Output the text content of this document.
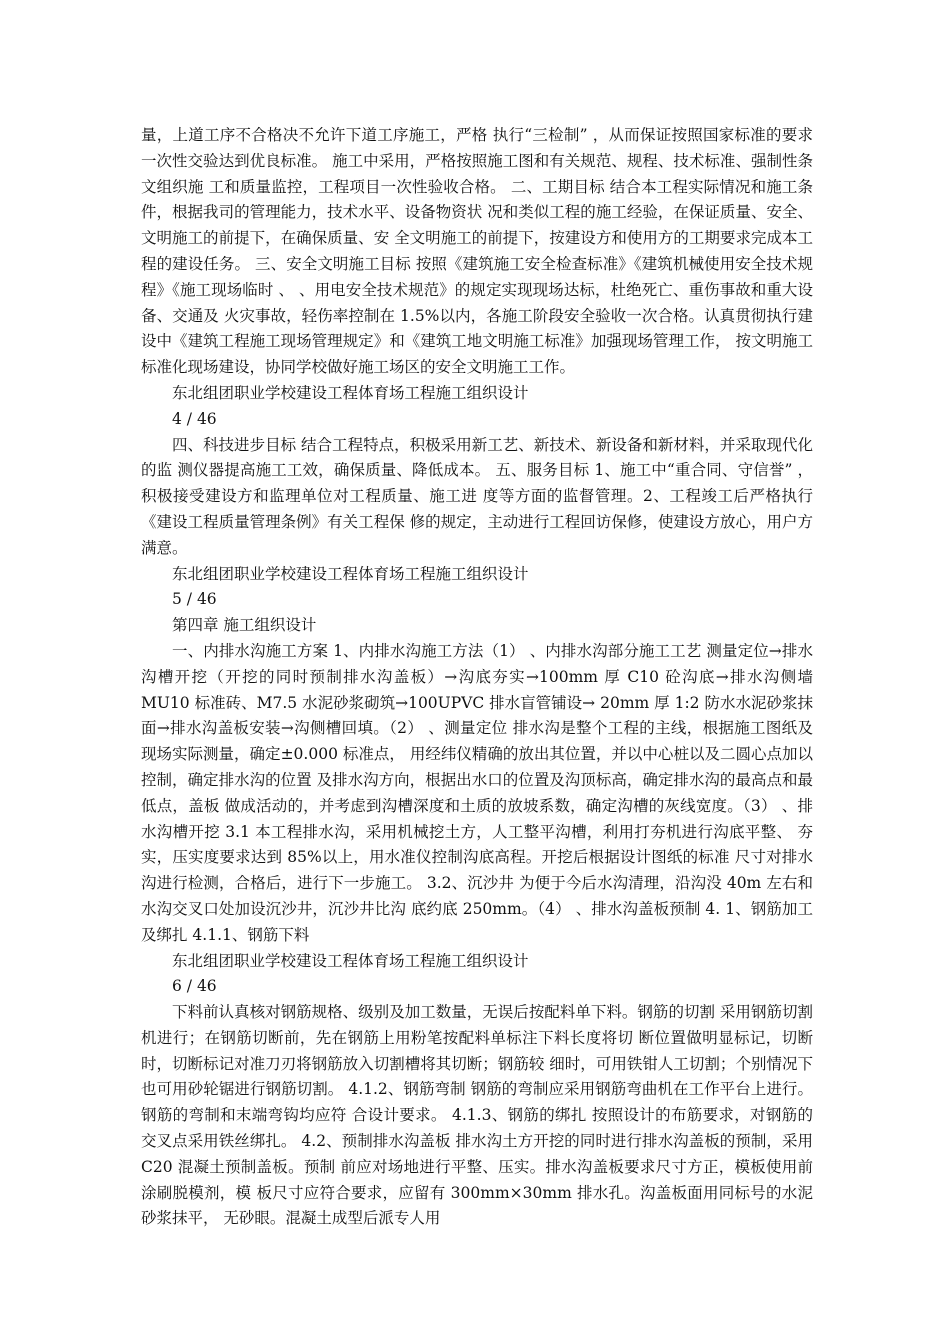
量，上道工序不合格决不允许下道工序施工，严格 执行“三检制” ，从而保证按照国家标准的要求一次性交验达到优良标准。 施工中采用，严格按照施工图和有关规范、规程、技术标准、强制性条文组织施 工和质量监控，工程项目一次性验收合格。 二、工期目标 结合本工程实际情况和施工条件，根据我司的管理能力，技术水平、设备物资状 况和类似工程的施工经验，在保证质量、安全、文明施工的前提下，在确保质量、安 全文明施工的前提下，按建设方和使用方的工期要求完成本工程的建设任务。 三、安全文明施工目标 按照《建筑施工安全检查标准》《建筑机械使用安全技术规程》《施工现场临时 、 、用电安全技术规范》的规定实现现场达标，杜绝死亡、重伤事故和重大设备、交通及 火灾事故，轻伤率控制在 1.5%以内，各施工阶段安全验收一次合格。认真贯彻执行建 设中《建筑工程施工现场管理规定》和《建筑工地文明施工标准》加强现场管理工作， 按文明施工标准化现场建设，协同学校做好施工场区的安全文明施工工作。

东北组团职业学校建设工程体育场工程施工组织设计

4 / 46

四、科技进步目标 结合工程特点，积极采用新工艺、新技术、新设备和新材料，并采取现代化的监 测仪器提高施工工效，确保质量、降低成本。 五、服务目标 1、施工中“重合同、守信誉” ，积极接受建设方和监理单位对工程质量、施工进 度等方面的监督管理。2、工程竣工后严格执行《建设工程质量管理条例》有关工程保 修的规定，主动进行工程回访保修，使建设方放心，用户方满意。

东北组团职业学校建设工程体育场工程施工组织设计

5 / 46

第四章 施工组织设计

一、内排水沟施工方案 1、内排水沟施工方法（1） 、内排水沟部分施工工艺 测量定位→排水沟槽开挖（开挖的同时预制排水沟盖板）→沟底夯实→100mm 厚 C10 砼沟底→排水沟侧墙 MU10 标准砖、M7.5 水泥砂浆砌筑→100UPVC 排水盲管铺设→ 20mm 厚 1:2 防水水泥砂浆抹面→排水沟盖板安装→沟侧槽回填。（2） 、测量定位 排水沟是整个工程的主线，根据施工图纸及现场实际测量，确定±0.000 标准点， 用经纬仪精确的放出其位置，并以中心桩以及二圆心点加以控制，确定排水沟的位置 及排水沟方向，根据出水口的位置及沟顶标高，确定排水沟的最高点和最低点，盖板 做成活动的，并考虑到沟槽深度和土质的放坡系数，确定沟槽的灰线宽度。（3） 、排水沟槽开挖 3.1 本工程排水沟，采用机械挖土方，人工整平沟槽，利用打夯机进行沟底平整、 夯实，压实度要求达到 85%以上，用水准仪控制沟底高程。开挖后根据设计图纸的标准 尺寸对排水沟进行检测，合格后，进行下一步施工。 3.2、沉沙井 为便于今后水沟清理，沿沟没 40m 左右和水沟交叉口处加设沉沙井，沉沙井比沟 底约底 250mm。（4） 、排水沟盖板预制 4. 1、钢筋加工及绑扎 4.1.1、钢筋下料

东北组团职业学校建设工程体育场工程施工组织设计

6 / 46

下料前认真核对钢筋规格、级别及加工数量，无误后按配料单下料。钢筋的切割 采用钢筋切割机进行；在钢筋切断前，先在钢筋上用粉笔按配料单标注下料长度将切 断位置做明显标记，切断时，切断标记对准刀刃将钢筋放入切割槽将其切断；钢筋较 细时，可用铁钳人工切割；个别情况下也可用砂轮锯进行钢筋切割。 4.1.2、钢筋弯制 钢筋的弯制应采用钢筋弯曲机在工作平台上进行。钢筋的弯制和末端弯钩均应符 合设计要求。 4.1.3、钢筋的绑扎 按照设计的布筋要求，对钢筋的交叉点采用铁丝绑扎。 4.2、预制排水沟盖板 排水沟土方开挖的同时进行排水沟盖板的预制，采用 C20 混凝土预制盖板。预制 前应对场地进行平整、压实。排水沟盖板要求尺寸方正，模板使用前涂刷脱模剂，模 板尺寸应符合要求，应留有 300mm×30mm 排水孔。沟盖板面用同标号的水泥砂浆抹平， 无砂眼。混凝土成型后派专人用
